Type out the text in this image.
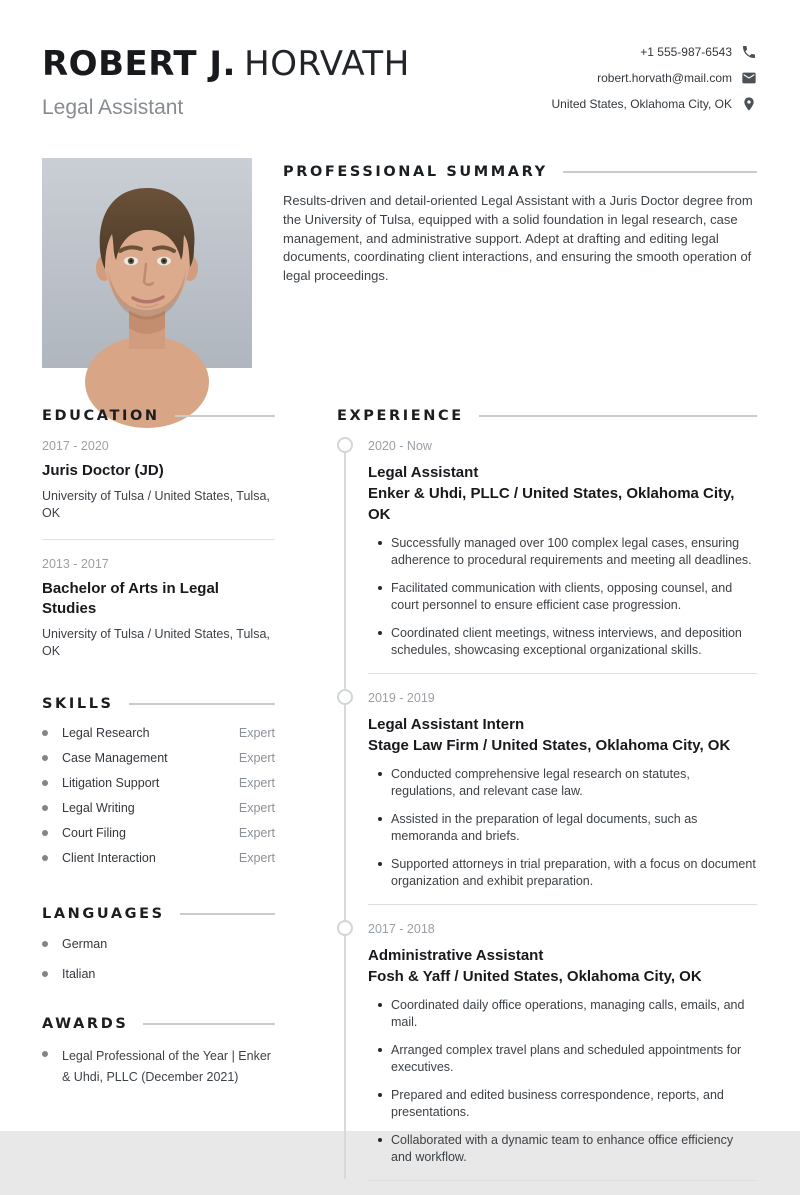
ROBERT J. HORVATH
Legal Assistant
+1 555-987-6543
robert.horvath@mail.com
United States, Oklahoma City, OK
PROFESSIONAL SUMMARY
Results-driven and detail-oriented Legal Assistant with a Juris Doctor degree from the University of Tulsa, equipped with a solid foundation in legal research, case management, and administrative support. Adept at drafting and editing legal documents, coordinating client interactions, and ensuring the smooth operation of legal proceedings.
EDUCATION
2017 - 2020
Juris Doctor (JD)
University of Tulsa / United States, Tulsa, OK
2013 - 2017
Bachelor of Arts in Legal Studies
University of Tulsa / United States, Tulsa, OK
SKILLS
Legal Research	Expert
Case Management	Expert
Litigation Support	Expert
Legal Writing	Expert
Court Filing	Expert
Client Interaction	Expert
LANGUAGES
German
Italian
AWARDS
Legal Professional of the Year | Enker & Uhdi, PLLC (December 2021)
EXPERIENCE
2020 - Now
Legal Assistant
Enker & Uhdi, PLLC / United States, Oklahoma City, OK
Successfully managed over 100 complex legal cases, ensuring adherence to procedural requirements and meeting all deadlines.
Facilitated communication with clients, opposing counsel, and court personnel to ensure efficient case progression.
Coordinated client meetings, witness interviews, and deposition schedules, showcasing exceptional organizational skills.
2019 - 2019
Legal Assistant Intern
Stage Law Firm / United States, Oklahoma City, OK
Conducted comprehensive legal research on statutes, regulations, and relevant case law.
Assisted in the preparation of legal documents, such as memoranda and briefs.
Supported attorneys in trial preparation, with a focus on document organization and exhibit preparation.
2017 - 2018
Administrative Assistant
Fosh & Yaff / United States, Oklahoma City, OK
Coordinated daily office operations, managing calls, emails, and mail.
Arranged complex travel plans and scheduled appointments for executives.
Prepared and edited business correspondence, reports, and presentations.
Collaborated with a dynamic team to enhance office efficiency and workflow.
